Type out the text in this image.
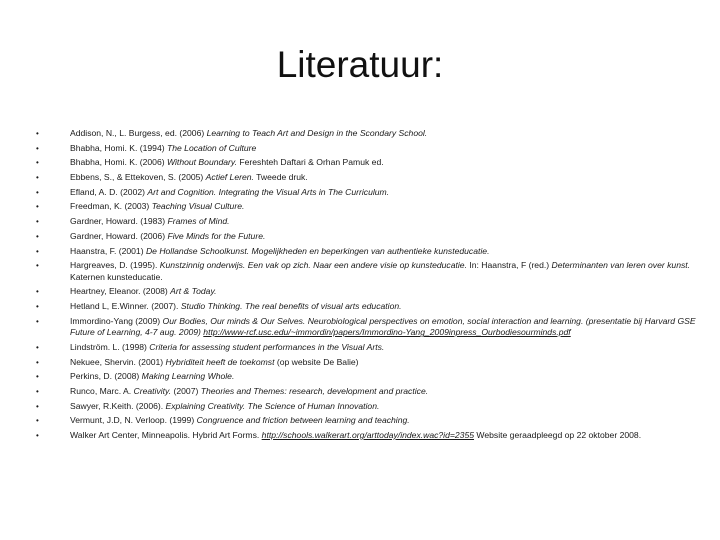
Literatuur:
•	Addison, N., L. Burgess, ed. (2006) Learning to Teach Art and Design in the Scondary School.
•	Bhabha, Homi. K. (1994) The Location of Culture
•	Bhabha, Homi. K. (2006) Without Boundary. Fereshteh Daftari & Orhan Pamuk ed.
•	Ebbens, S., & Ettekoven, S. (2005) Actief Leren. Tweede druk.
•	Efland, A. D. (2002) Art and Cognition. Integrating the Visual Arts in The Curriculum.
•	Freedman, K. (2003) Teaching Visual Culture.
•	Gardner, Howard. (1983) Frames of Mind.
•	Gardner, Howard. (2006) Five Minds for the Future.
•	Haanstra, F. (2001) De Hollandse Schoolkunst. Mogelijkheden en beperkingen van authentieke kunsteducatie.
•	Hargreaves, D. (1995). Kunstzinnig onderwijs. Een vak op zich. Naar een andere visie op kunsteducatie. In: Haanstra, F (red.) Determinanten van leren over kunst. Katernen kunsteducatie.
•	Heartney, Eleanor. (2008) Art & Today.
•	Hetland L, E.Winner. (2007). Studio Thinking. The real benefits of visual arts education.
•	Immordino-Yang (2009) Our Bodies, Our minds & Our Selves. Neurobiological perspectives on emotion, social interaction and learning. (presentatie bij Harvard GSE Future of Learning, 4-7 aug. 2009) http://www-rcf.usc.edu/~immordin/papers/Immordino-Yang_2009inpress_Ourbodiesourminds.pdf
•	Lindström. L. (1998) Criteria for assessing student performances in the Visual Arts.
•	Nekuee, Shervin. (2001) Hybriditeit heeft de toekomst (op website De Balie)
•	Perkins, D. (2008) Making Learning Whole.
•	Runco, Marc. A. Creativity. (2007) Theories and Themes: research, development and practice.
•	Sawyer, R.Keith. (2006). Explaining Creativity. The Science of Human Innovation.
•	Vermunt, J.D, N. Verloop. (1999) Congruence and friction between learning and teaching.
•	Walker Art Center, Minneapolis. Hybrid Art Forms. http://schools.walkerart.org/arttoday/index.wac?id=2355 Website geraadpleegd op 22 oktober 2008.
